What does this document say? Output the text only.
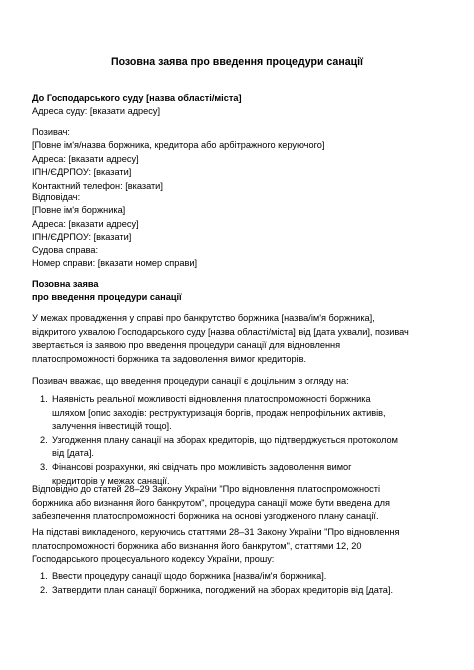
Позовна заява про введення процедури санації
До Господарського суду [назва області/міста]
Адреса суду: [вказати адресу]
Позивач:
[Повне ім'я/назва боржника, кредитора або арбітражного керуючого]
Адреса: [вказати адресу]
ІПН/ЄДРПОУ: [вказати]
Контактний телефон: [вказати]
Відповідач:
[Повне ім'я боржника]
Адреса: [вказати адресу]
ІПН/ЄДРПОУ: [вказати]
Судова справа:
Номер справи: [вказати номер справи]
Позовна заява
про введення процедури санації
У межах провадження у справі про банкрутство боржника [назва/ім'я боржника],
відкритого ухвалою Господарського суду [назва області/міста] від [дата ухвали], позивач
звертається із заявою про введення процедури санації для відновлення
платоспроможності боржника та задоволення вимог кредиторів.
Позивач вважає, що введення процедури санації є доцільним з огляду на:
1. Наявність реальної можливості відновлення платоспроможності боржника
шляхом [опис заходів: реструктуризація боргів, продаж непрофільних активів,
залучення інвестицій тощо].
2. Узгодження плану санації на зборах кредиторів, що підтверджується протоколом
від [дата].
3. Фінансові розрахунки, які свідчать про можливість задоволення вимог
кредиторів у межах санації.
Відповідно до статей 28–29 Закону України "Про відновлення платоспроможності
боржника або визнання його банкрутом", процедура санації може бути введена для
забезпечення платоспроможності боржника на основі узгодженого плану санації.
На підставі викладеного, керуючись статтями 28–31 Закону України "Про відновлення
платоспроможності боржника або визнання його банкрутом", статтями 12, 20
Господарського процесуального кодексу України, прошу:
1. Ввести процедуру санації щодо боржника [назва/ім'я боржника].
2. Затвердити план санації боржника, погоджений на зборах кредиторів від [дата].
